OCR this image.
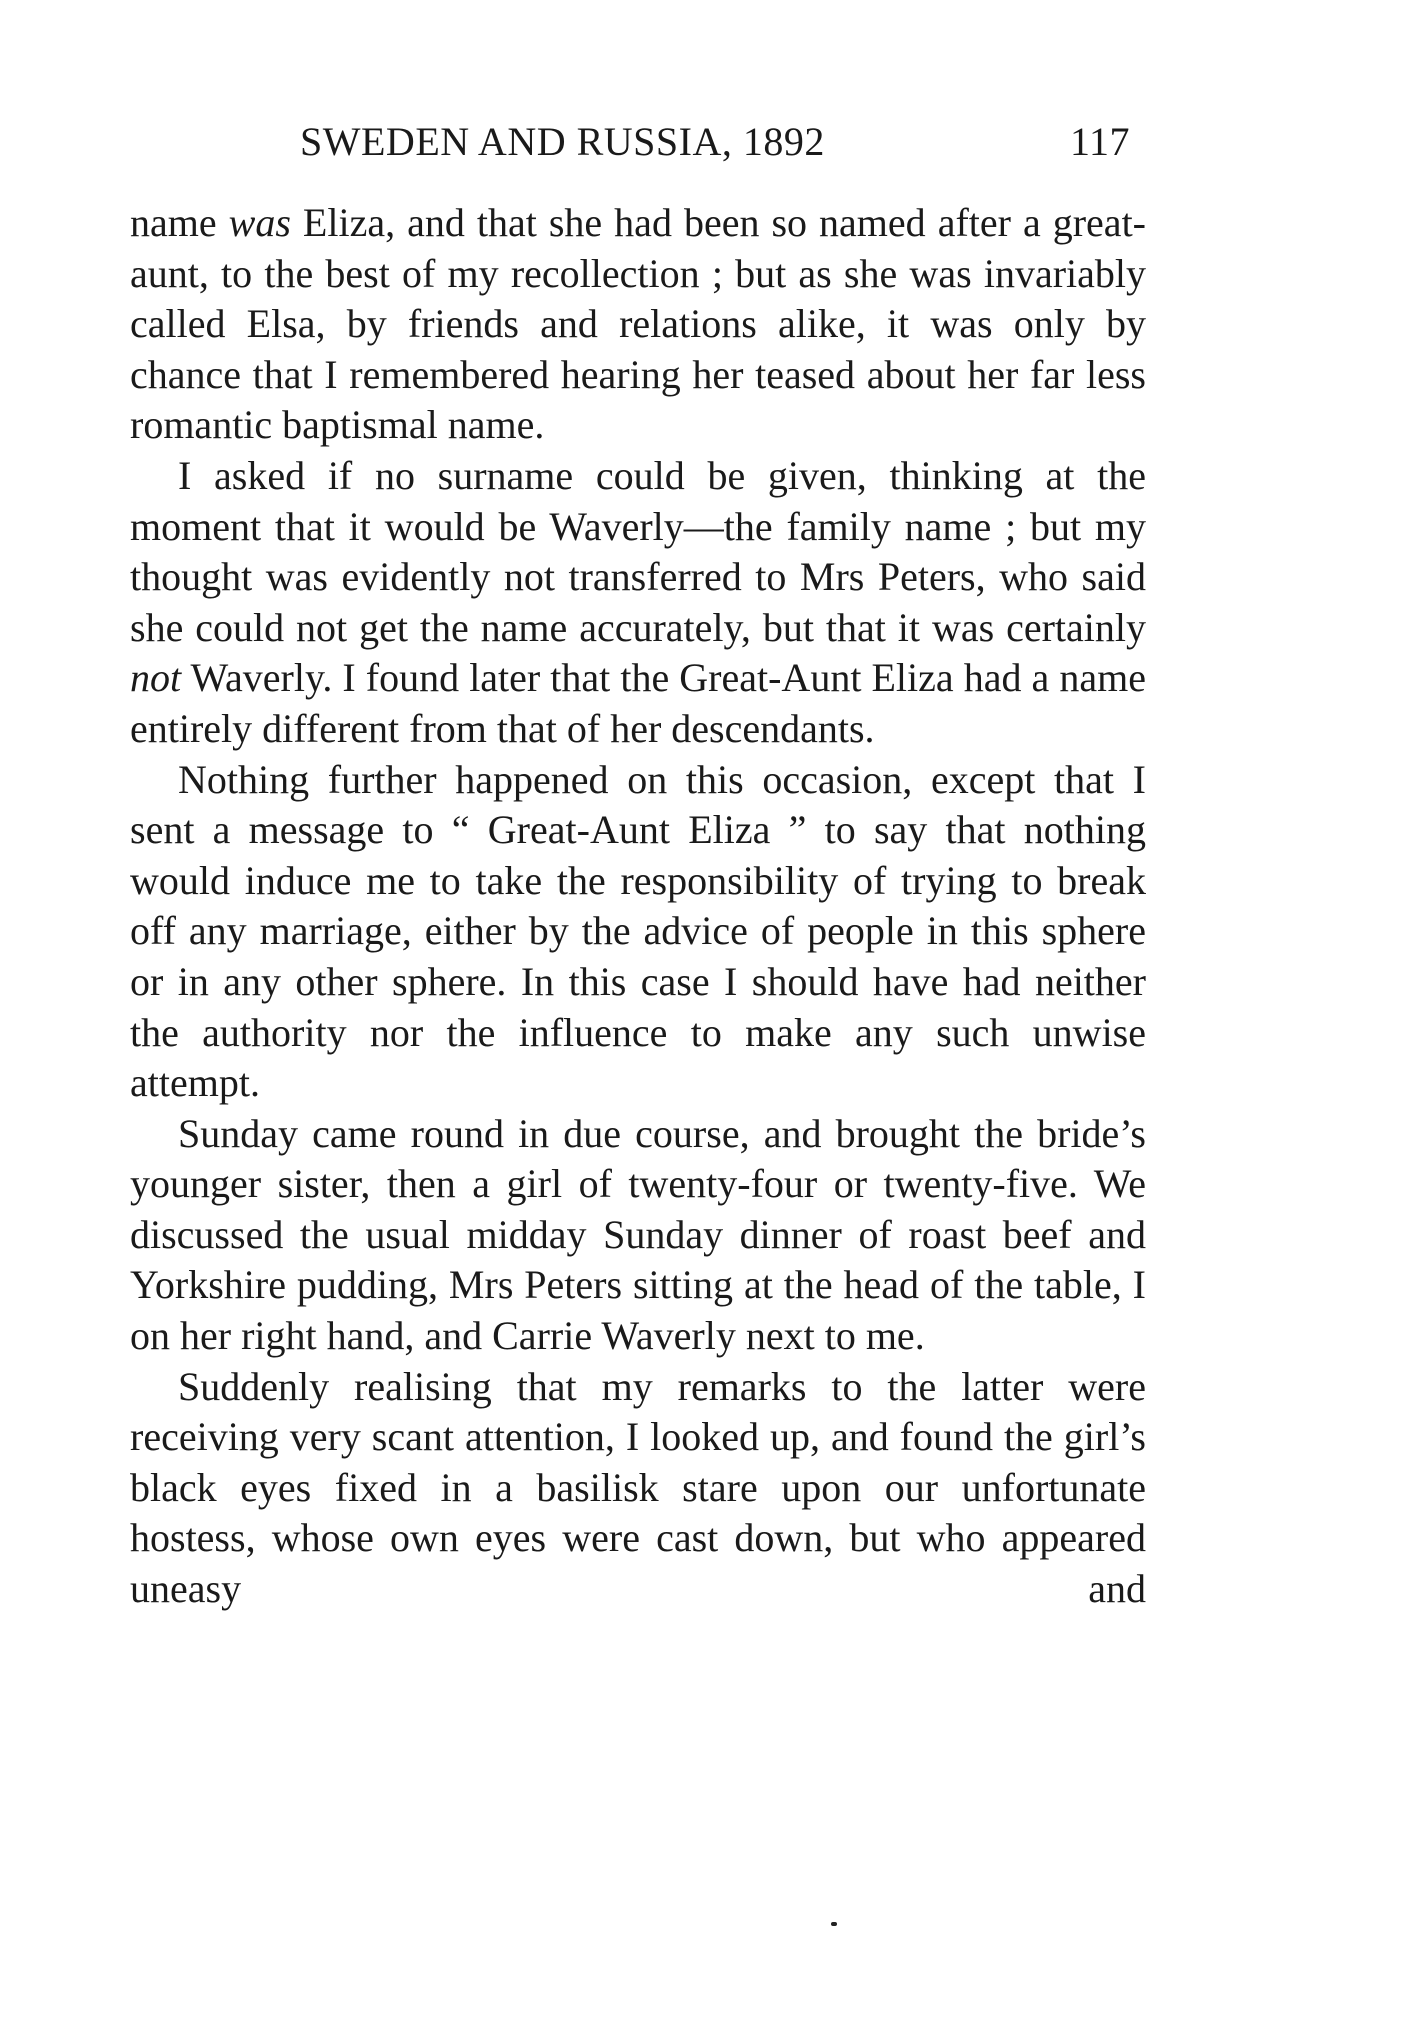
SWEDEN AND RUSSIA, 1892	117

name was Eliza, and that she had been so named after a great-aunt, to the best of my recollection ; but as she was invariably called Elsa, by friends and relations alike, it was only by chance that I remembered hearing her teased about her far less romantic baptismal name.

I asked if no surname could be given, thinking at the moment that it would be Waverly—the family name ; but my thought was evidently not transferred to Mrs Peters, who said she could not get the name accurately, but that it was certainly not Waverly. I found later that the Great-Aunt Eliza had a name entirely different from that of her descendants.

Nothing further happened on this occasion, except that I sent a message to “ Great-Aunt Eliza ” to say that nothing would induce me to take the responsibility of trying to break off any marriage, either by the advice of people in this sphere or in any other sphere. In this case I should have had neither the authority nor the influence to make any such unwise attempt.

Sunday came round in due course, and brought the bride’s younger sister, then a girl of twenty-four or twenty-five. We discussed the usual midday Sunday dinner of roast beef and Yorkshire pudding, Mrs Peters sitting at the head of the table, I on her right hand, and Carrie Waverly next to me.

Suddenly realising that my remarks to the latter were receiving very scant attention, I looked up, and found the girl’s black eyes fixed in a basilisk stare upon our unfortunate hostess, whose own eyes were cast down, but who appeared uneasy and
